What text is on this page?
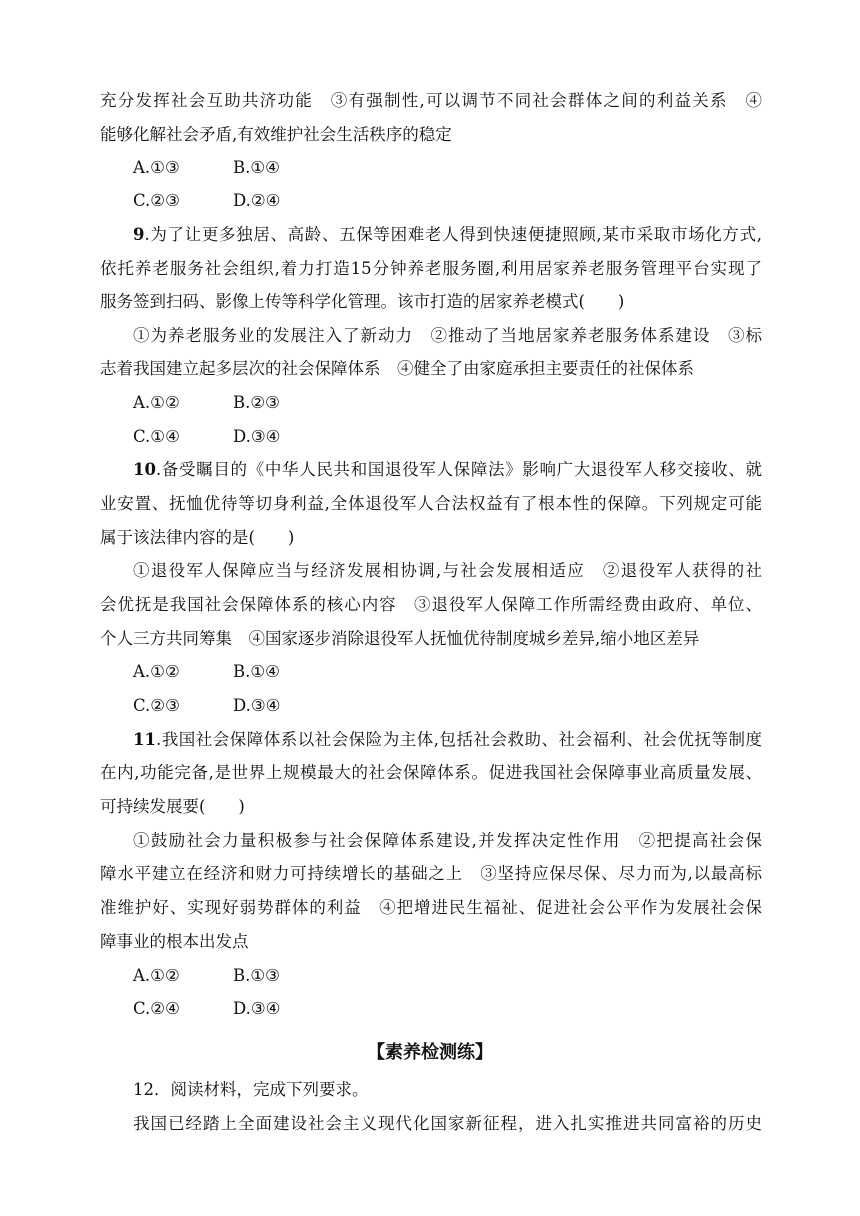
充分发挥社会互助共济功能　③有强制性,可以调节不同社会群体之间的利益关系　④
能够化解社会矛盾,有效维护社会生活秩序的稳定
A.①③	B.①④
C.②③	D.②④
9.为了让更多独居、高龄、五保等困难老人得到快速便捷照顾,某市采取市场化方式,
依托养老服务社会组织,着力打造15分钟养老服务圈,利用居家养老服务管理平台实现了
服务签到扫码、影像上传等科学化管理。该市打造的居家养老模式(　　)
①为养老服务业的发展注入了新动力　②推动了当地居家养老服务体系建设　③标
志着我国建立起多层次的社会保障体系　④健全了由家庭承担主要责任的社保体系
A.①②	B.②③
C.①④	D.③④
10.备受瞩目的《中华人民共和国退役军人保障法》影响广大退役军人移交接收、就
业安置、抚恤优待等切身利益,全体退役军人合法权益有了根本性的保障。下列规定可能
属于该法律内容的是(　　)
①退役军人保障应当与经济发展相协调,与社会发展相适应　②退役军人获得的社
会优抚是我国社会保障体系的核心内容　③退役军人保障工作所需经费由政府、单位、
个人三方共同筹集　④国家逐步消除退役军人抚恤优待制度城乡差异,缩小地区差异
A.①②	B.①④
C.②③	D.③④
11.我国社会保障体系以社会保险为主体,包括社会救助、社会福利、社会优抚等制度
在内,功能完备,是世界上规模最大的社会保障体系。促进我国社会保障事业高质量发展、
可持续发展要(　　)
①鼓励社会力量积极参与社会保障体系建设,并发挥决定性作用　②把提高社会保
障水平建立在经济和财力可持续增长的基础之上　③坚持应保尽保、尽力而为,以最高标
准维护好、实现好弱势群体的利益　④把增进民生福祉、促进社会公平作为发展社会保
障事业的根本出发点
A.①②	B.①③
C.②④	D.③④
【素养检测练】
12．阅读材料，完成下列要求。
我国已经踏上全面建设社会主义现代化国家新征程，进入扎实推进共同富裕的历史
